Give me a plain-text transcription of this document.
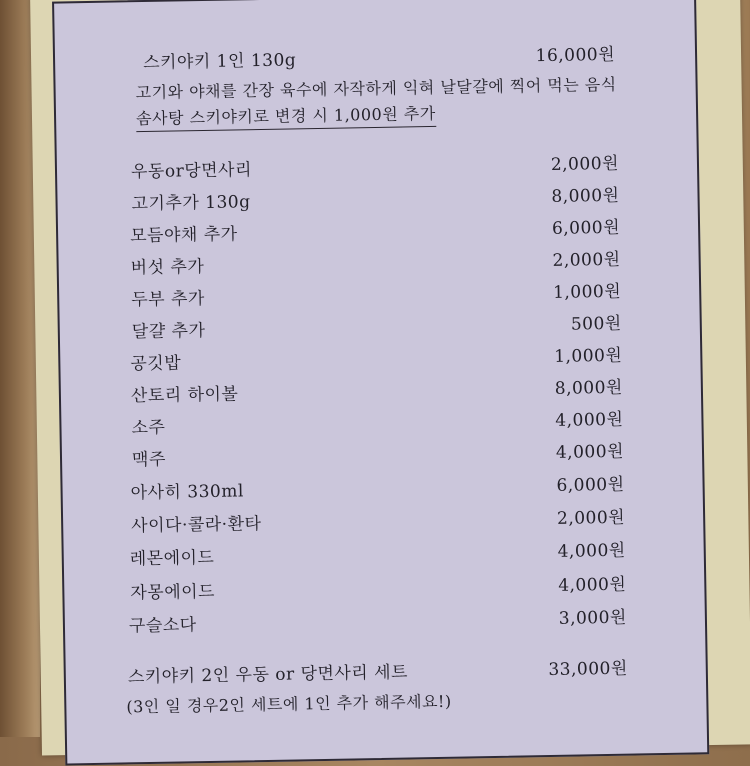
스키야키 1인 130g	16,000원
고기와 야채를 간장 육수에 자작하게 익혀 날달걀에 찍어 먹는 음식
솜사탕 스키야키로 변경 시 1,000원 추가
우동or당면사리	2,000원
고기추가 130g	8,000원
모듬야채 추가	6,000원
버섯 추가	2,000원
두부 추가	1,000원
달걀 추가	500원
공깃밥	1,000원
산토리 하이볼	8,000원
소주	4,000원
맥주	4,000원
아사히 330ml	6,000원
사이다·콜라·환타	2,000원
레몬에이드	4,000원
자몽에이드	4,000원
구슬소다	3,000원
스키야키 2인 우동 or 당면사리 세트	33,000원
(3인 일 경우2인 세트에 1인 추가 해주세요!)
